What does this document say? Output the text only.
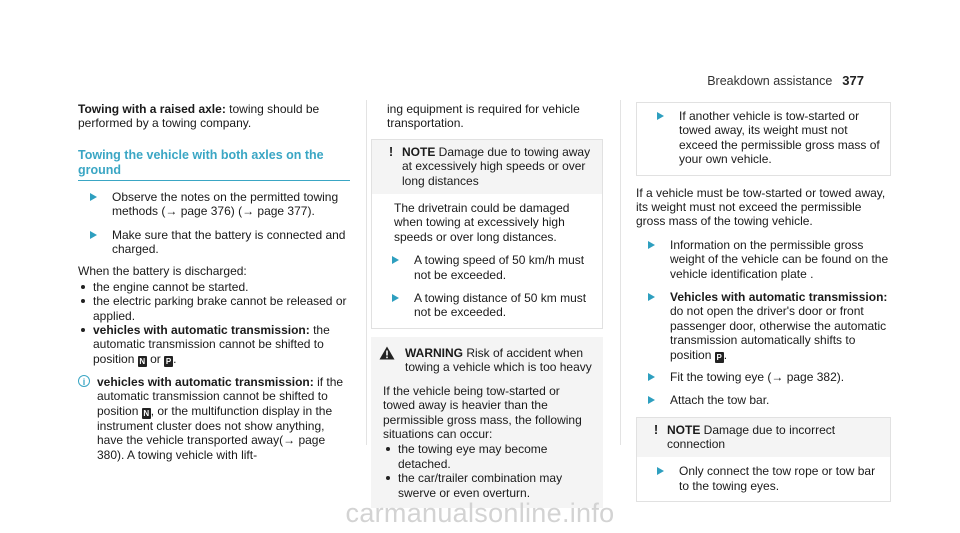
Breakdown assistance 377

Towing with a raised axle: towing should be performed by a towing company.

Towing the vehicle with both axles on the ground
Observe the notes on the permitted towing methods (→ page 376) (→ page 377).
Make sure that the battery is connected and charged.

When the battery is discharged:

the engine cannot be started.
the electric parking brake cannot be released or applied.
vehicles with automatic transmission: the automatic transmission cannot be shifted to position N or P .
i vehicles with automatic transmission: if the automatic transmission cannot be shifted to position N , or the multifunction display in the instrument cluster does not show anything, have the vehicle transported away(→ page 380). A towing vehicle with lift-

ing equipment is required for vehicle transportation.

! NOTE Damage due to towing away at excessively high speeds or over long distances

The drivetrain could be damaged when towing at excessively high speeds or over long distances.

A towing speed of 50 km/h must not be exceeded.
A towing distance of 50 km must not be exceeded.
WARNING Risk of accident when towing a vehicle which is too heavy

If the vehicle being tow-started or towed away is heavier than the permissible gross mass, the following situations can occur:

the towing eye may become detached.
the car/trailer combination may swerve or even overturn.
If another vehicle is tow-started or towed away, its weight must not exceed the permissible gross mass of your own vehicle.

If a vehicle must be tow-started or towed away, its weight must not exceed the permissible gross mass of the towing vehicle.

Information on the permissible gross weight of the vehicle can be found on the vehicle identification plate .
Vehicles with automatic transmission: do not open the driver's door or front passenger door, otherwise the automatic transmission automatically shifts to position P .
Fit the towing eye (→ page 382).
Attach the tow bar.
! NOTE Damage due to incorrect connection
Only connect the tow rope or tow bar to the towing eyes.
carmanualsonline.info
